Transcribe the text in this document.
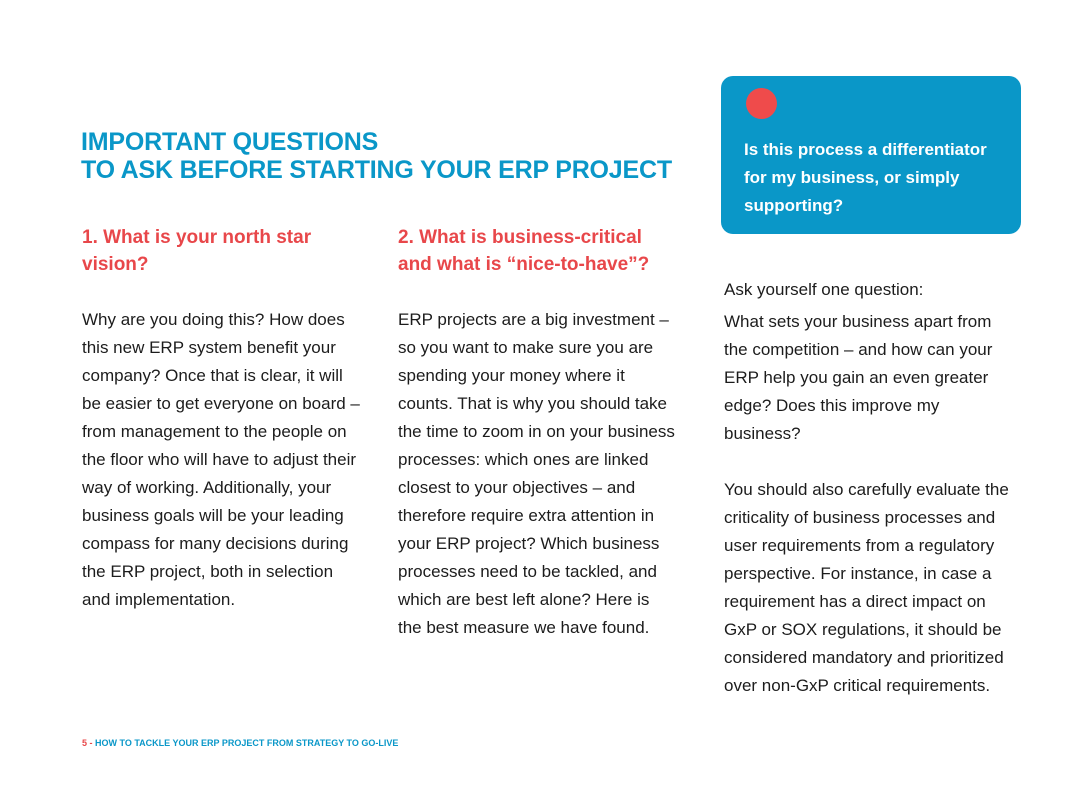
IMPORTANT QUESTIONS
TO ASK BEFORE STARTING YOUR ERP PROJECT
1. What is your north star vision?

Why are you doing this? How does this new ERP system benefit your company? Once that is clear, it will be easier to get everyone on board – from management to the people on the floor who will have to adjust their way of working. Additionally, your business goals will be your leading compass for many decisions during the ERP project, both in selection and implementation.

2. What is business-critical and what is “nice-to-have”?

ERP projects are a big investment – so you want to make sure you are spending your money where it counts. That is why you should take the time to zoom in on your business processes: which ones are linked closest to your objectives – and therefore require extra attention in your ERP project? Which business processes need to be tackled, and which are best left alone? Here is the best measure we have found.

Is this process a differentiator for my business, or simply supporting?

Ask yourself one question:

What sets your business apart from the competition – and how can your ERP help you gain an even greater edge? Does this improve my business?

You should also carefully evaluate the criticality of business processes and user requirements from a regulatory perspective. For instance, in case a requirement has a direct impact on GxP or SOX regulations, it should be considered mandatory and prioritized over non-GxP critical requirements.

5 - HOW TO TACKLE YOUR ERP PROJECT FROM STRATEGY TO GO-LIVE
